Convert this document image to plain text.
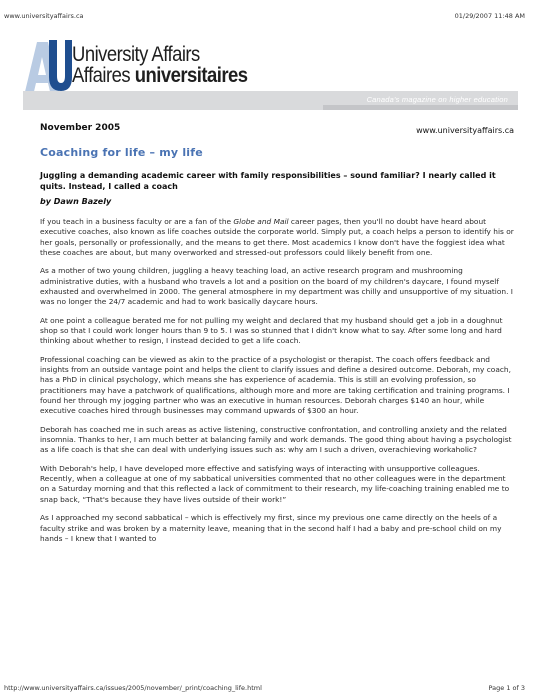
www.universityaffairs.ca	01/29/2007 11:48 AM
University Affairs
Affaires universitaires
Canada's magazine on higher education
November 2005	www.universityaffairs.ca
Coaching for life – my life
Juggling a demanding academic career with family responsibilities – sound familiar? I nearly called it quits. Instead, I called a coach
by Dawn Bazely

If you teach in a business faculty or are a fan of the Globe and Mail career pages, then you'll no doubt have heard about executive coaches, also known as life coaches outside the corporate world. Simply put, a coach helps a person to identify his or her goals, personally or professionally, and the means to get there. Most academics I know don't have the foggiest idea what these coaches are about, but many overworked and stressed-out professors could likely benefit from one.

As a mother of two young children, juggling a heavy teaching load, an active research program and mushrooming administrative duties, with a husband who travels a lot and a position on the board of my children's daycare, I found myself exhausted and overwhelmed in 2000. The general atmosphere in my department was chilly and unsupportive of my situation. I was no longer the 24/7 academic and had to work basically daycare hours.

At one point a colleague berated me for not pulling my weight and declared that my husband should get a job in a doughnut shop so that I could work longer hours than 9 to 5. I was so stunned that I didn't know what to say. After some long and hard thinking about whether to resign, I instead decided to get a life coach.

Professional coaching can be viewed as akin to the practice of a psychologist or therapist. The coach offers feedback and insights from an outside vantage point and helps the client to clarify issues and define a desired outcome. Deborah, my coach, has a PhD in clinical psychology, which means she has experience of academia. This is still an evolving profession, so practitioners may have a patchwork of qualifications, although more and more are taking certification and training programs. I found her through my jogging partner who was an executive in human resources. Deborah charges $140 an hour, while executive coaches hired through businesses may command upwards of $300 an hour.

Deborah has coached me in such areas as active listening, constructive confrontation, and controlling anxiety and the related insomnia. Thanks to her, I am much better at balancing family and work demands. The good thing about having a psychologist as a life coach is that she can deal with underlying issues such as: why am I such a driven, overachieving workaholic?

With Deborah's help, I have developed more effective and satisfying ways of interacting with unsupportive colleagues. Recently, when a colleague at one of my sabbatical universities commented that no other colleagues were in the department on a Saturday morning and that this reflected a lack of commitment to their research, my life-coaching training enabled me to snap back, “That's because they have lives outside of their work!”

As I approached my second sabbatical – which is effectively my first, since my previous one came directly on the heels of a faculty strike and was broken by a maternity leave, meaning that in the second half I had a baby and pre-school child on my hands – I knew that I wanted to

http://www.universityaffairs.ca/issues/2005/november/_print/coaching_life.html	Page 1 of 3
